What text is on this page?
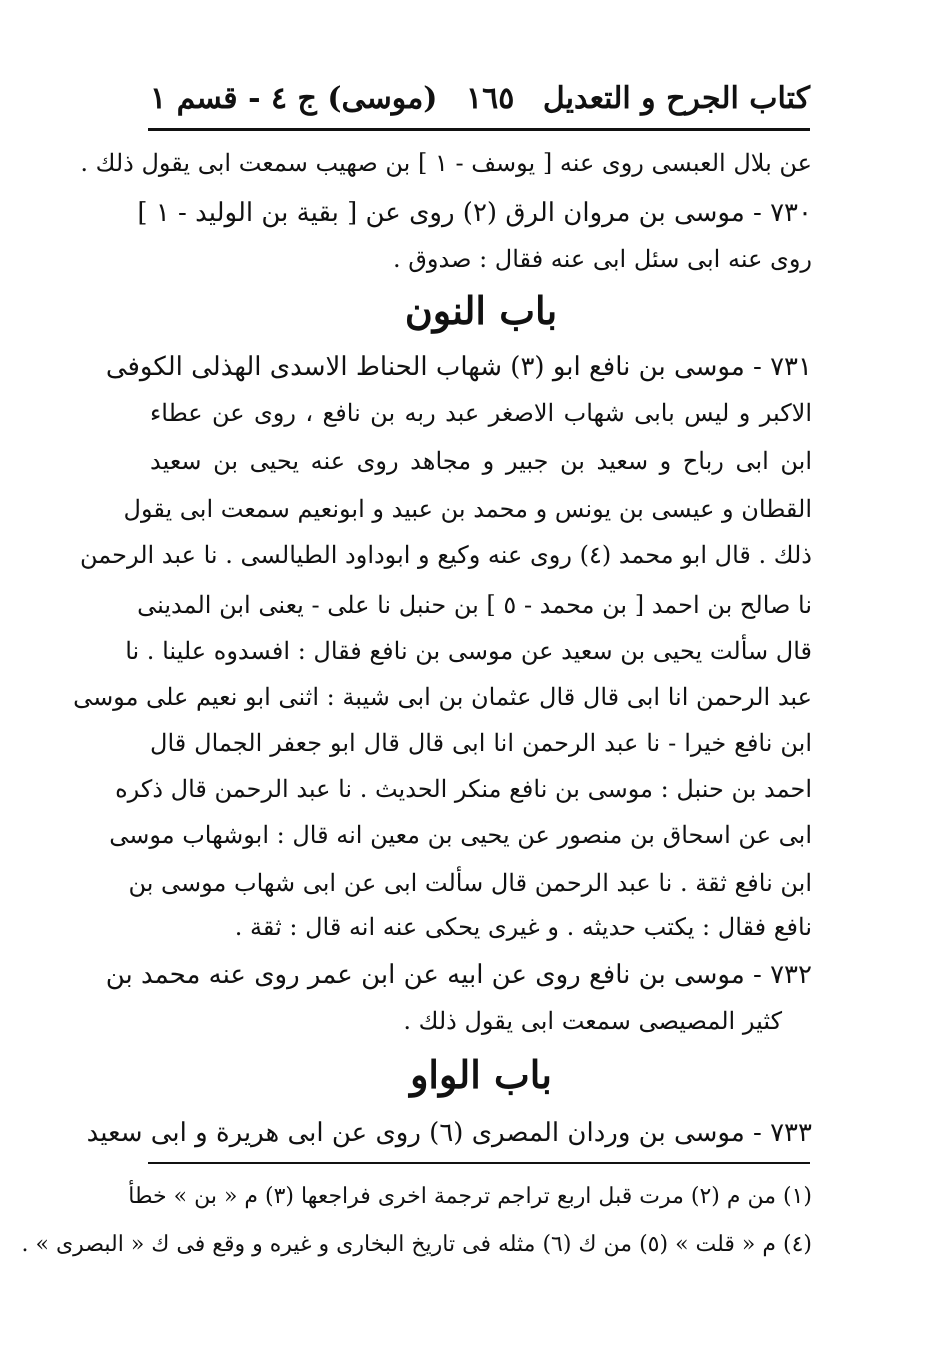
كتاب الجرح و التعديل
١٦٥
(موسى) ج ٤ - قسم ١
عن بلال العبسى روى عنه [ يوسف - ١ ] بن صهيب سمعت ابى يقول ذلك .
٧٣٠ - موسى بن مروان الرق (٢) روى عن [ بقية بن الوليد - ١ ]
روى عنه ابى سئل ابى عنه فقال : صدوق .
باب النون
٧٣١ - موسى بن نافع ابو (٣) شهاب الحناط الاسدى الهذلى الكوفى
الاكبر و ليس بابى شهاب الاصغر عبد ربه بن نافع ، روى عن عطاء
ابن ابى رباح و سعيد بن جبير و مجاهد روى عنه يحيى بن سعيد
القطان و عيسى بن يونس و محمد بن عبيد و ابونعيم سمعت ابى يقول
ذلك . قال ابو محمد (٤) روى عنه وكيع و ابوداود الطيالسى . نا عبد الرحمن
نا صالح بن احمد [ بن محمد - ٥ ] بن حنبل نا على - يعنى ابن المدينى
قال سألت يحيى بن سعيد عن موسى بن نافع فقال : افسدوه علينا . نا
عبد الرحمن انا ابى قال قال عثمان بن ابى شيبة : اثنى ابو نعيم على موسى
ابن نافع خيرا - نا عبد الرحمن انا ابى قال قال ابو جعفر الجمال قال
احمد بن حنبل : موسى بن نافع منكر الحديث . نا عبد الرحمن قال ذكره
ابى عن اسحاق بن منصور عن يحيى بن معين انه قال : ابوشهاب موسى
ابن نافع ثقة . نا عبد الرحمن قال سألت ابى عن ابى شهاب موسى بن
نافع فقال : يكتب حديثه . و غيرى يحكى عنه انه قال : ثقة .
٧٣٢ - موسى بن نافع روى عن ابيه عن ابن عمر روى عنه محمد بن
كثير المصيصى سمعت ابى يقول ذلك .
باب الواو
٧٣٣ - موسى بن وردان المصرى (٦) روى عن ابى هريرة و ابى سعيد
(١) من م (٢) مرت قبل اربع تراجم ترجمة اخرى فراجعها (٣) م « بن » خطأ
(٤) م « قلت » (٥) من ك (٦) مثله فى تاريخ البخارى و غيره و وقع فى ك « البصرى » .
